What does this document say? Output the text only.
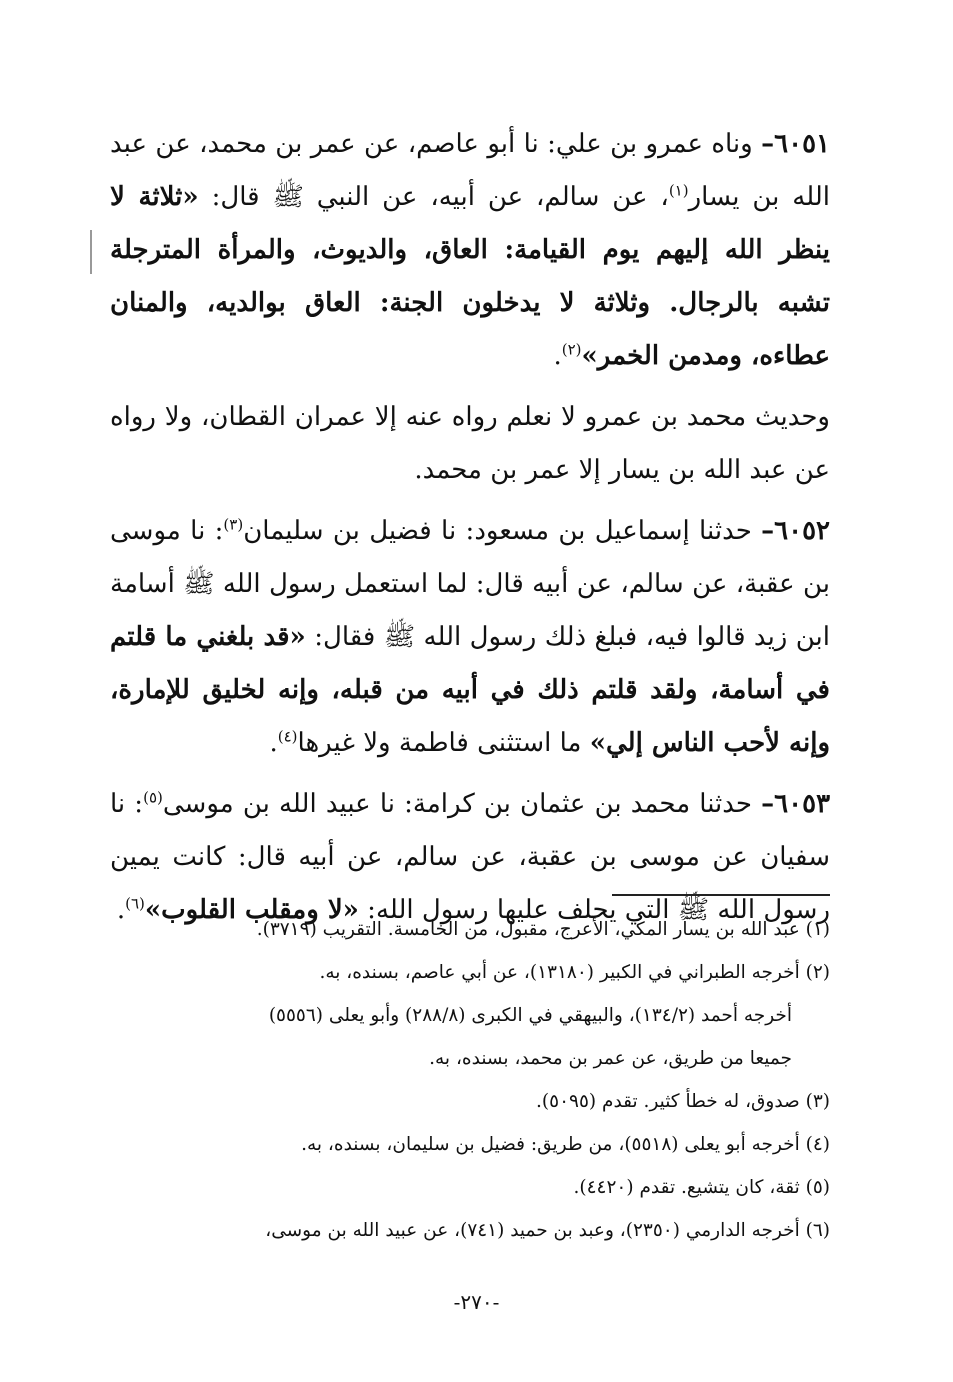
٦٠٥١– وناه عمرو بن علي: نا أبو عاصم، عن عمر بن محمد، عن عبد الله بن يسار$^{(١)}$، عن سالم، عن أبيه، عن النبي ﷺ قال: «ثلاثة لا ينظر الله إليهم يوم القيامة: العاق، والديوث، والمرأة المترجلة تشبه بالرجال. وثلاثة لا يدخلون الجنة: العاق بوالديه، والمنان عطاءه، ومدمن الخمر»$^{(٢)}$.

وحديث محمد بن عمرو لا نعلم رواه عنه إلا عمران القطان، ولا رواه عن عبد الله بن يسار إلا عمر بن محمد.

٦٠٥٢– حدثنا إسماعيل بن مسعود: نا فضيل بن سليمان$^{(٣)}$: نا موسى بن عقبة، عن سالم، عن أبيه قال: لما استعمل رسول الله ﷺ أسامة ابن زيد قالوا فيه، فبلغ ذلك رسول الله ﷺ فقال: «قد بلغني ما قلتم في أسامة، ولقد قلتم ذلك في أبيه من قبله، وإنه لخليق للإمارة، وإنه لأحب الناس إلي» ما استثنى فاطمة ولا غيرها$^{(٤)}$.

٦٠٥٣– حدثنا محمد بن عثمان بن كرامة: نا عبيد الله بن موسى$^{(٥)}$: نا سفيان عن موسى بن عقبة، عن سالم، عن أبيه قال: كانت يمين رسول الله ﷺ التي يحلف عليها رسول الله: «لا ومقلب القلوب»$^{(٦)}$.

(١) عبد الله بن يسار المكي، الأعرج، مقبول، من الخامسة. التقريب (٣٧١٩).

(٢) أخرجه الطبراني في الكبير (١٣١٨٠)، عن أبي عاصم، بسنده، به.

أخرجه أحمد (١٣٤/٢)، والبيهقي في الكبرى (٢٨٨/٨) وأبو يعلى (٥٥٥٦)

جميعا من طريق، عن عمر بن محمد، بسنده، به.

(٣) صدوق، له خطأ كثير. تقدم (٥٠٩٥).

(٤) أخرجه أبو يعلى (٥٥١٨)، من طريق: فضيل بن سليمان، بسنده، به.

(٥) ثقة، كان يتشيع. تقدم (٤٤٢٠).

(٦) أخرجه الدارمي (٢٣٥٠)، وعبد بن حميد (٧٤١)، عن عبيد الله بن موسى،

-٢٧٠-
